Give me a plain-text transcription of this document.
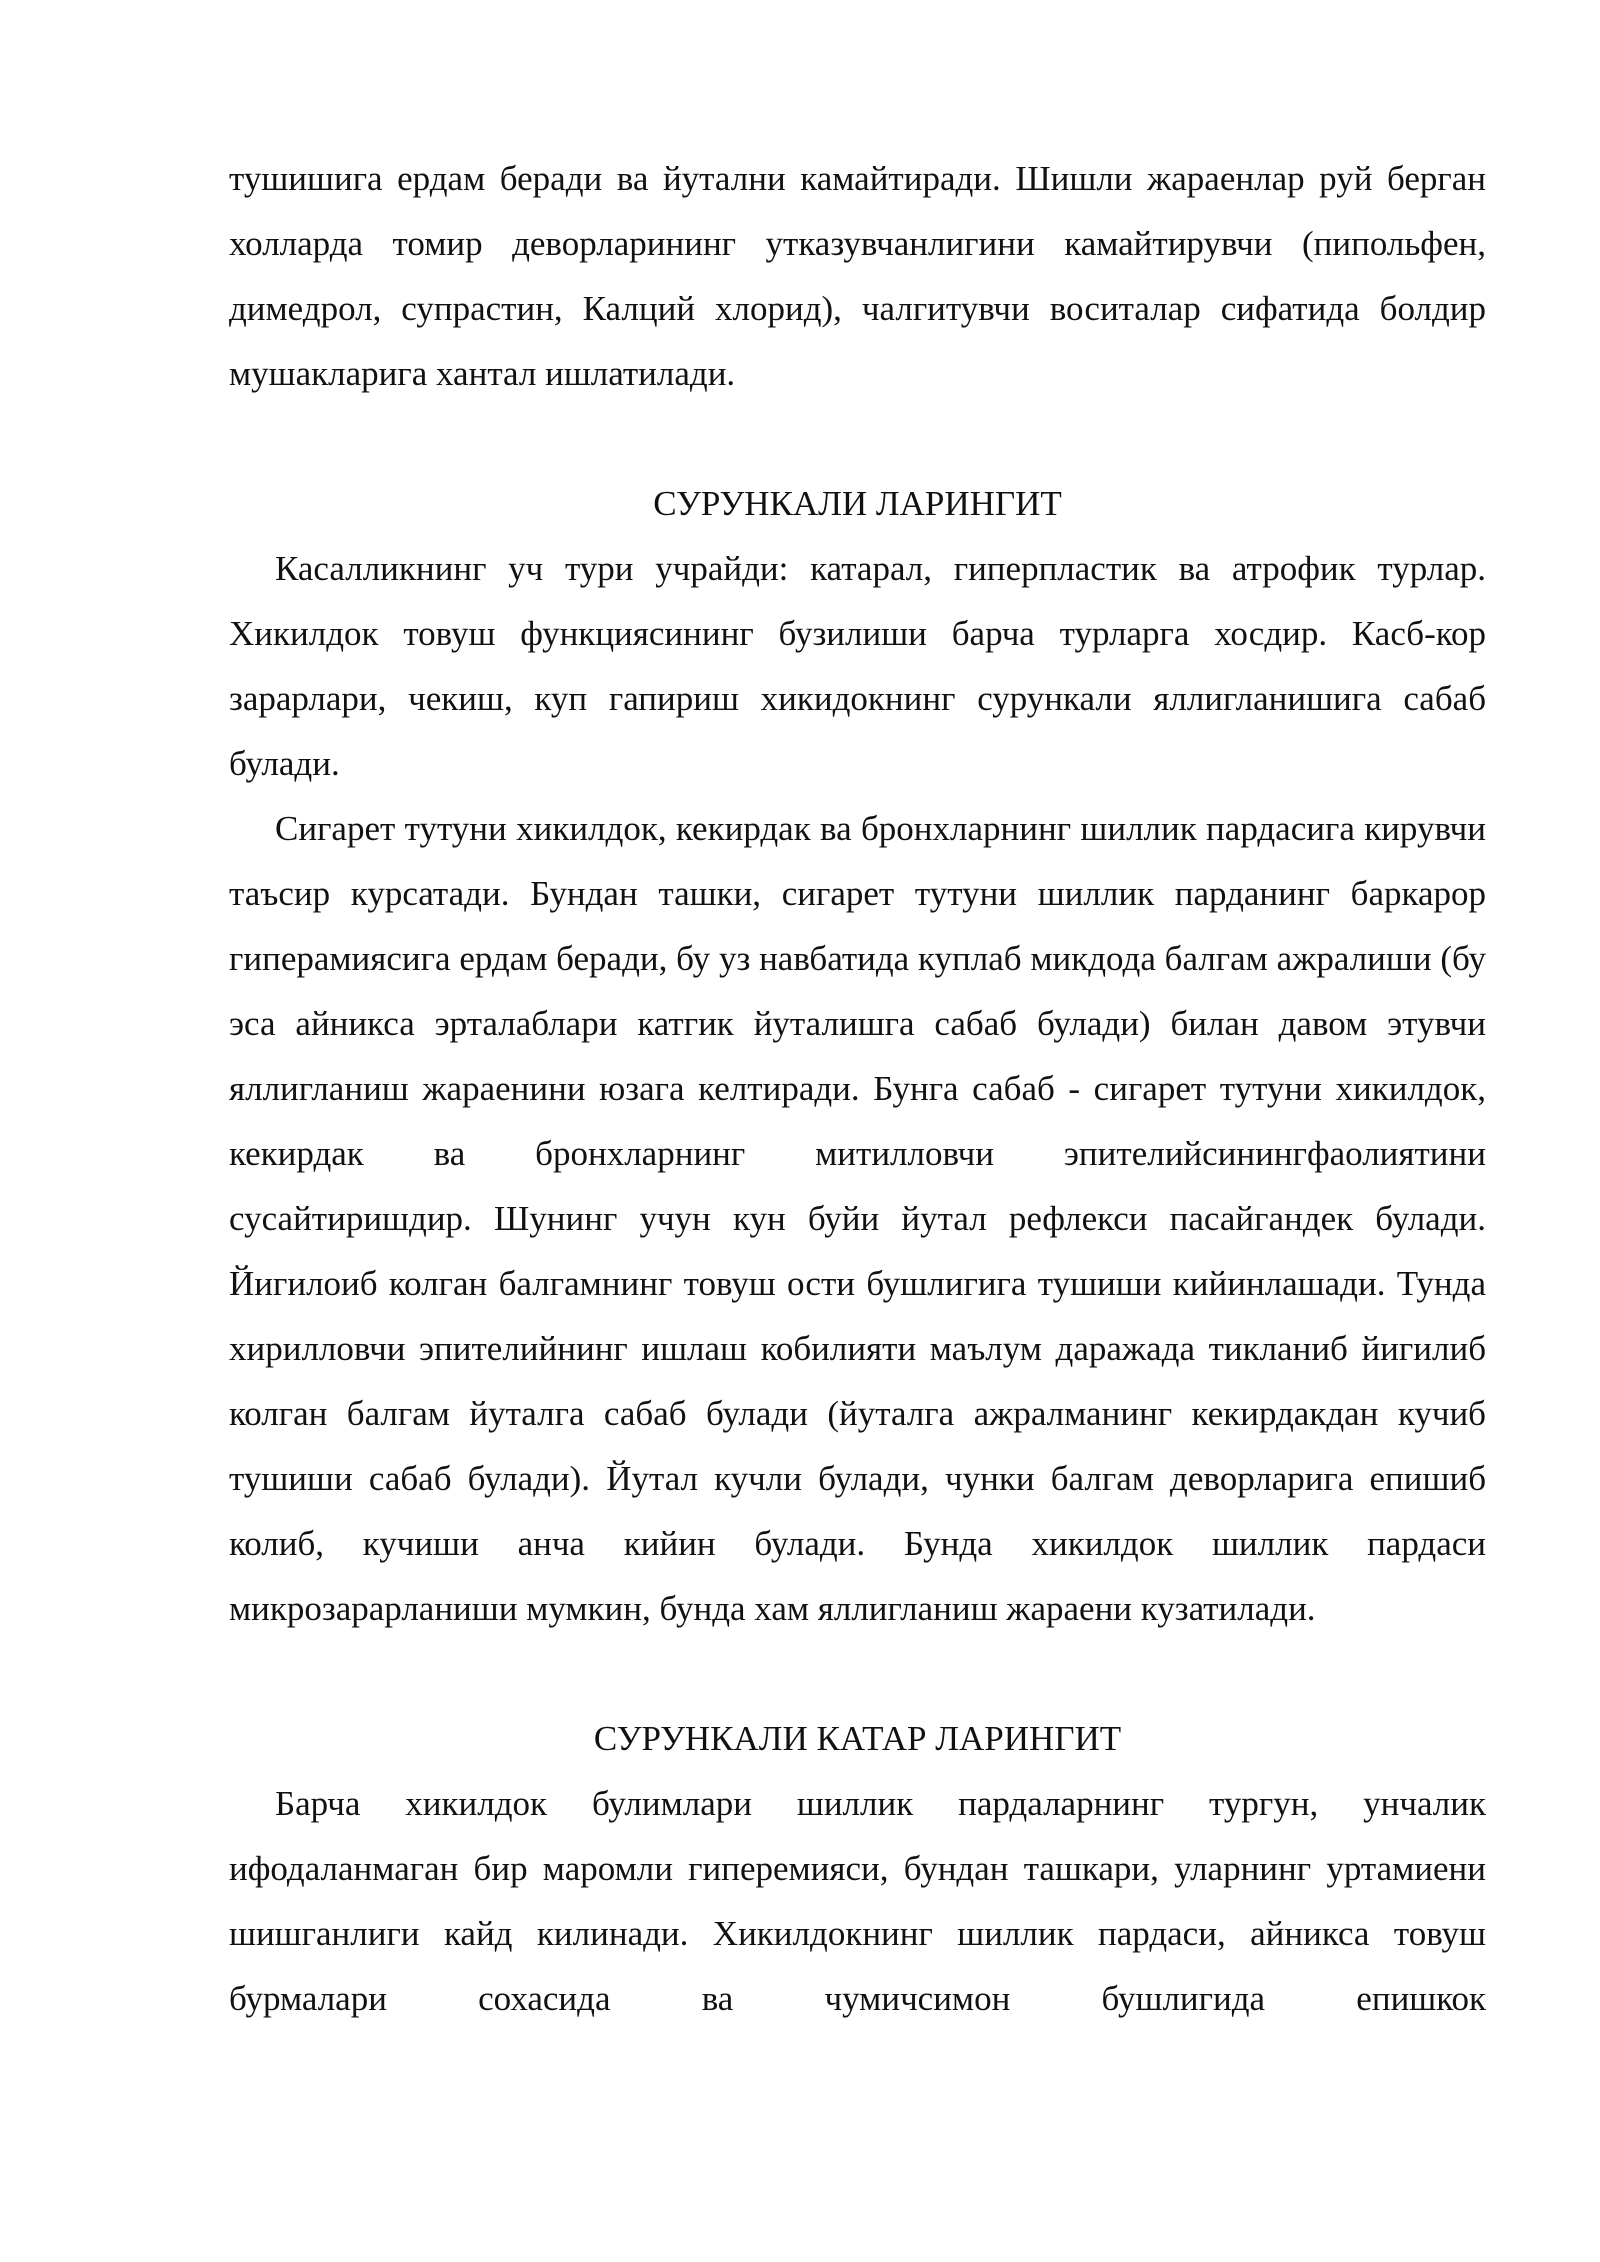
тушишига ердам беради ва йутални камайтиради. Шишли жараенлар руй берган холларда томир деворларининг утказувчанлигини камайтирувчи (пипольфен, димедрол, супрастин, Калций хлорид), чалгитувчи воситалар сифатида болдир мушакларига хантал ишлатилади.

СУРУНКАЛИ ЛАРИНГИТ

Касалликнинг уч тури учрайди: катарал, гиперпластик ва атрофик турлар. Хикилдок товуш функциясининг бузилиши барча турларга хосдир. Касб-кор зарарлари, чекиш, куп гапириш хикидокнинг сурункали яллигланишига сабаб булади.

Сигарет тутуни хикилдок, кекирдак ва бронхларнинг шиллик пардасига кирувчи таъсир курсатади. Бундан ташки, сигарет тутуни шиллик парданинг баркарор гиперамиясига ердам беради, бу уз навбатида куплаб микдода балгам ажралиши (бу эса айникса эрталаблари катгик йуталишга сабаб булади) билан давом этувчи яллигланиш жараенини юзага келтиради. Бунга сабаб - сигарет тутуни хикилдок, кекирдак ва бронхларнинг митилловчи эпителийсинингфаолиятини сусайтиришдир. Шунинг учун кун буйи йутал рефлекси пасайгандек булади. Йигилоиб колган балгамнинг товуш ости бушлигига тушиши кийинлашади. Тунда хирилловчи эпителийнинг ишлаш кобилияти маълум даражада тикланиб йигилиб колган балгам йуталга сабаб булади (йуталга ажралманинг кекирдакдан кучиб тушиши сабаб булади). Йутал кучли булади, чунки балгам деворларига епишиб колиб, кучиши анча кийин булади. Бунда хикилдок шиллик пардаси микрозарарланиши мумкин, бунда хам яллигланиш жараени кузатилади.

СУРУНКАЛИ КАТАР ЛАРИНГИТ

Барча хикилдок булимлари шиллик пардаларнинг тургун, унчалик ифодаланмаган бир маромли гиперемияси, бундан ташкари, уларнинг уртамиени шишганлиги кайд килинади. Хикилдокнинг шиллик пардаси, айникса товуш бурмалари сохасида ва чумичсимон бушлигида епишкок
